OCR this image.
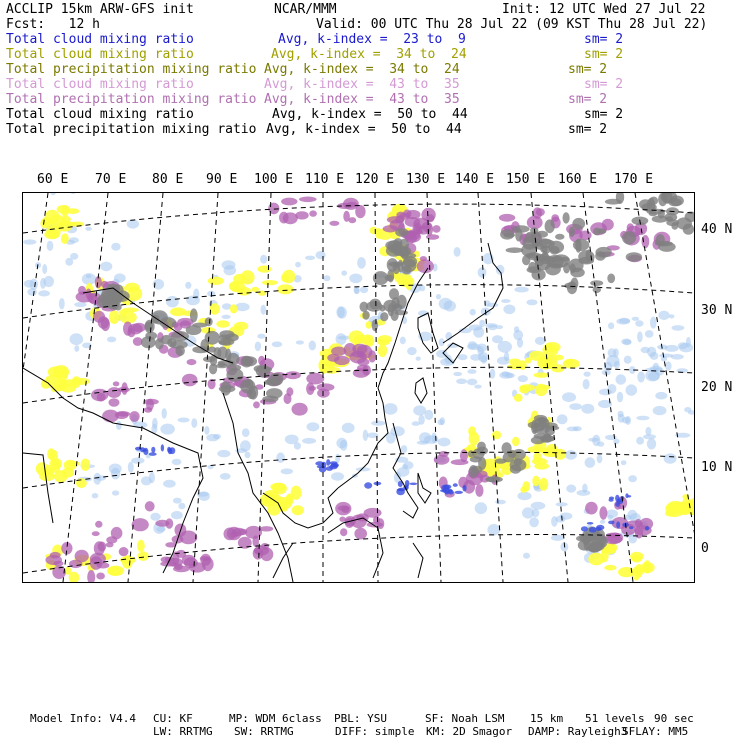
ACCLIP 15km ARW-GFS init	NCAR/MMM	Init: 12 UTC Wed 27 Jul 22
Fcst:   12 h	Valid: 00 UTC Thu 28 Jul 22 (09 KST Thu 28 Jul 22)
Total cloud mixing ratio	Avg, k-index =  23 to  9	sm= 2
Total cloud mixing ratio	Avg, k-index =  34 to  24	sm= 2
Total precipitation mixing ratio Avg, k-index =  34 to  24	sm= 2
Total cloud mixing ratio	Avg, k-index =  43 to  35	sm= 2
Total precipitation mixing ratio Avg, k-index =  43 to  35	sm= 2
Total cloud mixing ratio	Avg, k-index =  50 to  44	sm= 2
Total precipitation mixing ratio Avg, k-index =  50 to  44	sm= 2
60 E 70 E 80 E 90 E 100 E 110 E 120 E 130 E 140 E 150 E 160 E 170 E
40 N
30 N
20 N
10 N
0
Model Info: V4.4 CU: KF	MP: WDM 6class PBL: YSU	SF: Noah LSM 15 km 51 levels 90 sec
LW: RRTMG SW: RRTMG	DIFF: simple KM: 2D Smagor DAMP: Rayleigh3
SFLAY: MM5
